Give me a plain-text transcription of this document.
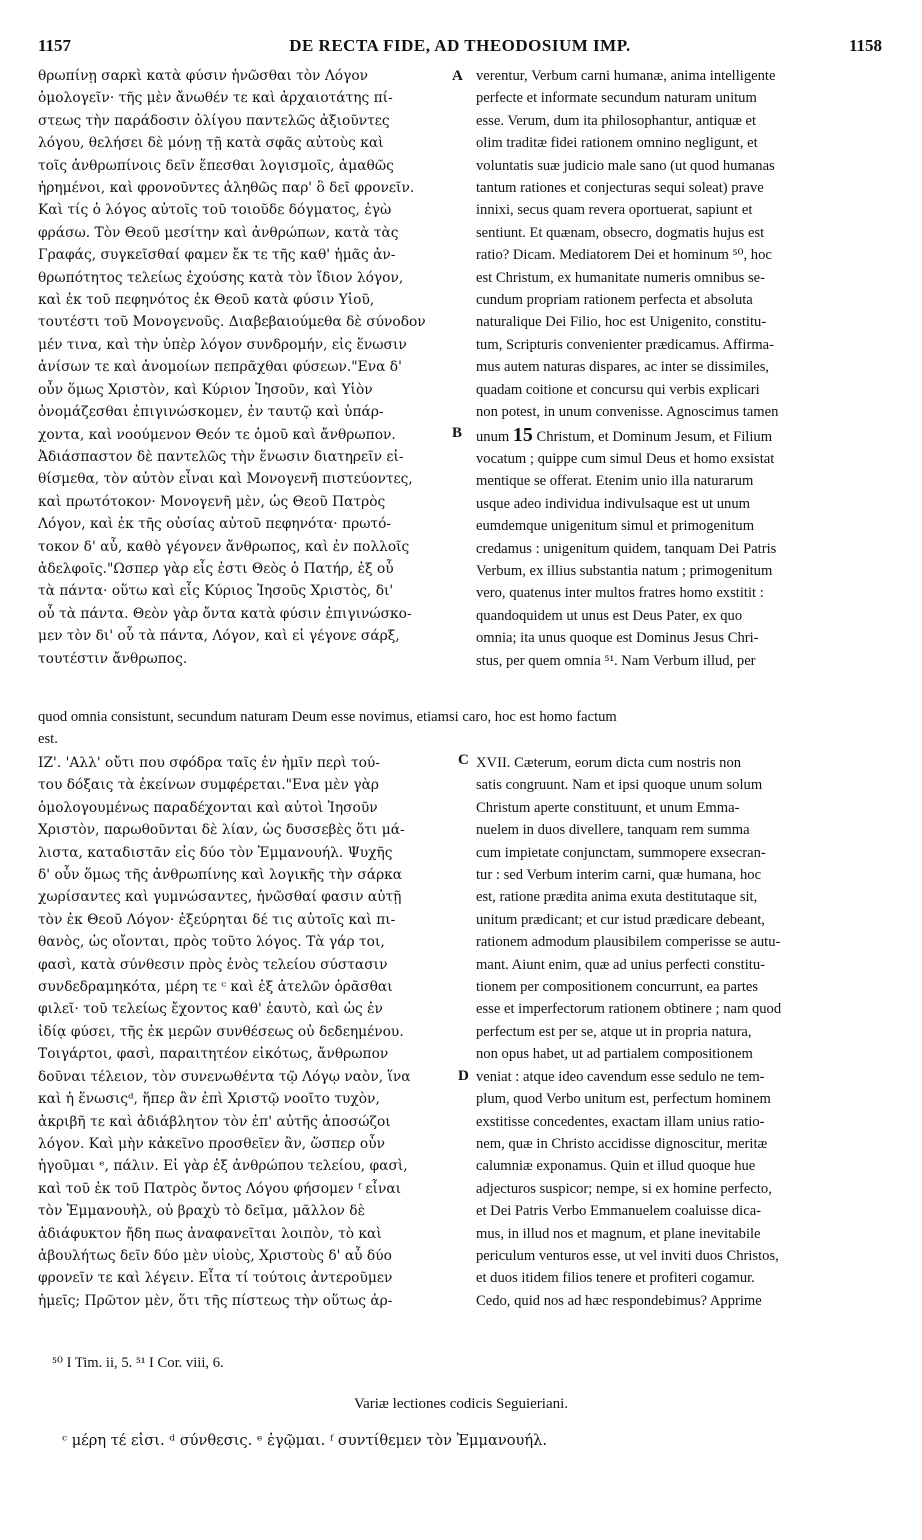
1157	DE RECTA FIDE, AD THEODOSIUM IMP.	1158
θρωπίνῃ σαρκὶ κατὰ φύσιν ἡνῶσθαι τὸν Λόγον
ὁμολογεῖν· τῆς μὲν ἄνωθέν τε καὶ ἀρχαιοτάτης πί-
στεως τὴν παράδοσιν ὀλίγου παντελῶς ἀξιοῦντες
λόγου, θελήσει δὲ μόνῃ τῇ κατὰ σφᾶς αὐτοὺς καὶ
τοῖς ἀνθρωπίνοις δεῖν ἕπεσθαι λογισμοῖς, ἀμαθῶς
ἠρημένοι, καὶ φρονοῦντες ἀληθῶς παρ' ὃ δεῖ φρονεῖν.
Καὶ τίς ὁ λόγος αὐτοῖς τοῦ τοιοῦδε δόγματος, ἐγὼ
φράσω. Τὸν Θεοῦ μεσίτην καὶ ἀνθρώπων, κατὰ τὰς
Γραφάς, συγκεῖσθαί φαμεν ἔκ τε τῆς καθ' ἡμᾶς ἀν-
θρωπότητος τελείως ἐχούσης κατὰ τὸν ἴδιον λόγον,
καὶ ἐκ τοῦ πεφηνότος ἐκ Θεοῦ κατὰ φύσιν Υἱοῦ,
τουτέστι τοῦ Μονογενοῦς. Διαβεβαιούμεθα δὲ σύνοδον
μέν τινα, καὶ τὴν ὑπὲρ λόγον συνδρομήν, εἰς ἕνωσιν
ἀνίσων τε καὶ ἀνομοίων πεπρᾶχθαι φύσεων."Ενα δ'
οὖν ὅμως Χριστὸν, καὶ Κύριον Ἰησοῦν, καὶ Υἱὸν
ὀνομάζεσθαι ἐπιγινώσκομεν, ἐν ταυτῷ καὶ ὑπάρ-
χοντα, καὶ νοούμενον Θεόν τε ὁμοῦ καὶ ἄνθρωπον.
Ἀδιάσπαστον δὲ παντελῶς τὴν ἕνωσιν διατηρεῖν εἰ-
θίσμεθα, τὸν αὐτὸν εἶναι καὶ Μονογενῆ πιστεύοντες,
καὶ πρωτότοκον· Μονογενῆ μὲν, ὡς Θεοῦ Πατρὸς
Λόγον, καὶ ἐκ τῆς οὐσίας αὐτοῦ πεφηνότα· πρωτό-
τοκον δ' αὖ, καθὸ γέγονεν ἄνθρωπος, καὶ ἐν πολλοῖς
ἀδελφοῖς."Ωσπερ γὰρ εἷς ἐστι Θεὸς ὁ Πατήρ, ἐξ οὗ
τὰ πάντα· οὕτω καὶ εἷς Κύριος Ἰησοῦς Χριστὸς, δι'
οὗ τὰ πάντα. Θεὸν γὰρ ὄντα κατὰ φύσιν ἐπιγινώσκο-
μεν τὸν δι' οὗ τὰ πάντα, Λόγον, καὶ εἰ γέγονε σάρξ,
τουτέστιν ἄνθρωπος.
verentur, Verbum carni humanæ, anima intelligente
perfecte et informate secundum naturam unitum
esse. Verum, dum ita philosophantur, antiquæ et
olim traditæ fidei rationem omnino negligunt, et
voluntatis suæ judicio male sano (ut quod humanas
tantum rationes et conjecturas sequi soleat) prave
innixi, secus quam revera oportuerat, sapiunt et
sentiunt. Et quænam, obsecro, dogmatis hujus est
ratio? Dicam. Mediatorem Dei et hominum ⁵⁰, hoc
est Christum, ex humanitate numeris omnibus se-
cundum propriam rationem perfecta et absoluta
naturalique Dei Filio, hoc est Unigenito, constitu-
tum, Scripturis convenienter prædicamus. Affirma-
mus autem naturas dispares, ac inter se dissimiles,
quadam coitione et concursu qui verbis explicari
non potest, in unum convenisse. Agnoscimus tamen
unum 15 Christum, et Dominum Jesum, et Filium
vocatum ; quippe cum simul Deus et homo exsistat
mentique se offerat. Etenim unio illa naturarum
usque adeo individua indivulsaque est ut unum
eumdemque unigenitum simul et primogenitum
credamus : unigenitum quidem, tanquam Dei Patris
Verbum, ex illius substantia natum ; primogenitum
vero, quatenus inter multos fratres homo exstitit :
quandoquidem ut unus est Deus Pater, ex quo
omnia; ita unus quoque est Dominus Jesus Chri-
stus, per quem omnia ⁵¹. Nam Verbum illud, per
A
B
C
D
quod omnia consistunt, secundum naturam Deum esse novimus, etiamsi caro, hoc est homo factum
est.
ΙΖ'. 'Αλλ' οὔτι που σφόδρα ταῖς ἐν ἡμῖν περὶ τού-
του δόξαις τὰ ἐκείνων συμφέρεται."Ενα μὲν γὰρ
ὁμολογουμένως παραδέχονται καὶ αὐτοὶ Ἰησοῦν
Χριστὸν, παρωθοῦνται δὲ λίαν, ὡς δυσσεβὲς ὅτι μά-
λιστα, καταδιστᾶν εἰς δύο τὸν Ἐμμανουήλ. Ψυχῆς
δ' οὖν ὅμως τῆς ἀνθρωπίνης καὶ λογικῆς τὴν σάρκα
χωρίσαντες καὶ γυμνώσαντες, ἡνῶσθαί φασιν αὐτῇ
τὸν ἐκ Θεοῦ Λόγον· ἐξεύρηται δέ τις αὐτοῖς καὶ πι-
θανὸς, ὡς οἴονται, πρὸς τοῦτο λόγος. Τὰ γάρ τοι,
φασὶ, κατὰ σύνθεσιν πρὸς ἑνὸς τελείου σύστασιν
συνδεδραμηκότα, μέρη τε ᶜ καὶ ἐξ ἀτελῶν ὁρᾶσθαι
φιλεῖ· τοῦ τελείως ἔχοντος καθ' ἑαυτὸ, καὶ ὡς ἐν
ἰδίᾳ φύσει, τῆς ἐκ μερῶν συνθέσεως οὐ δεδεημένου.
Τοιγάρτοι, φασὶ, παραιτητέον εἰκότως, ἄνθρωπον
δοῦναι τέλειον, τὸν συνενωθέντα τῷ Λόγῳ ναὸν, ἵνα
καὶ ἡ ἕνωσιςᵈ, ἥπερ ἂν ἐπὶ Χριστῷ νοοῖτο τυχὸν,
ἀκριβῆ τε καὶ ἀδιάβλητον τὸν ἐπ' αὐτῆς ἀποσώζοι
λόγον. Καὶ μὴν κἀκεῖνο προσθεῖεν ἂν, ὥσπερ οὖν
ἡγοῦμαι ᵉ, πάλιν. Εἰ γὰρ ἐξ ἀνθρώπου τελείου, φασὶ,
καὶ τοῦ ἐκ τοῦ Πατρὸς ὄντος Λόγου φήσομεν ᶠ εἶναι
τὸν Ἐμμανουὴλ, οὐ βραχὺ τὸ δεῖμα, μᾶλλον δὲ
ἀδιάφυκτον ἤδη πως ἀναφανεῖται λοιπὸν, τὸ καὶ
ἀβουλήτως δεῖν δύο μὲν υἱοὺς, Χριστοὺς δ' αὖ δύο
φρονεῖν τε καὶ λέγειν. Εἶτα τί τούτοις ἀντεροῦμεν
ἡμεῖς; Πρῶτον μὲν, ὅτι τῆς πίστεως τὴν οὕτως ἀρ-
XVII. Cæterum, eorum dicta cum nostris non
satis congruunt. Nam et ipsi quoque unum solum
Christum aperte constituunt, et unum Emma-
nuelem in duos divellere, tanquam rem summa
cum impietate conjunctam, summopere exsecran-
tur : sed Verbum interim carni, quæ humana, hoc
est, ratione prædita anima exuta destitutaque sit,
unitum prædicant; et cur istud prædicare debeant,
rationem admodum plausibilem comperisse se autu-
mant. Aiunt enim, quæ ad unius perfecti constitu-
tionem per compositionem concurrunt, ea partes
esse et imperfectorum rationem obtinere ; nam quod
perfectum est per se, atque ut in propria natura,
non opus habet, ut ad partialem compositionem
veniat : atque ideo cavendum esse sedulo ne tem-
plum, quod Verbo unitum est, perfectum hominem
exstitisse concedentes, exactam illam unius ratio-
nem, quæ in Christo accidisse dignoscitur, meritæ
calumniæ exponamus. Quin et illud quoque hue
adjecturos suspicor; nempe, si ex homine perfecto,
et Dei Patris Verbo Emmanuelem coaluisse dica-
mus, in illud nos et magnum, et plane inevitabile
periculum venturos esse, ut vel inviti duos Christos,
et duos itidem filios tenere et profiteri cogamur.
Cedo, quid nos ad hæc respondebimus? Apprime
⁵⁰ I Tim. ii, 5. ⁵¹ I Cor. viii, 6.
Variæ lectiones codicis Seguieriani.
ᶜ μέρη τέ εἰσι. ᵈ σύνθεσις. ᵉ ἐγῷμαι. ᶠ συντίθεμεν τὸν Ἐμμανουήλ.
